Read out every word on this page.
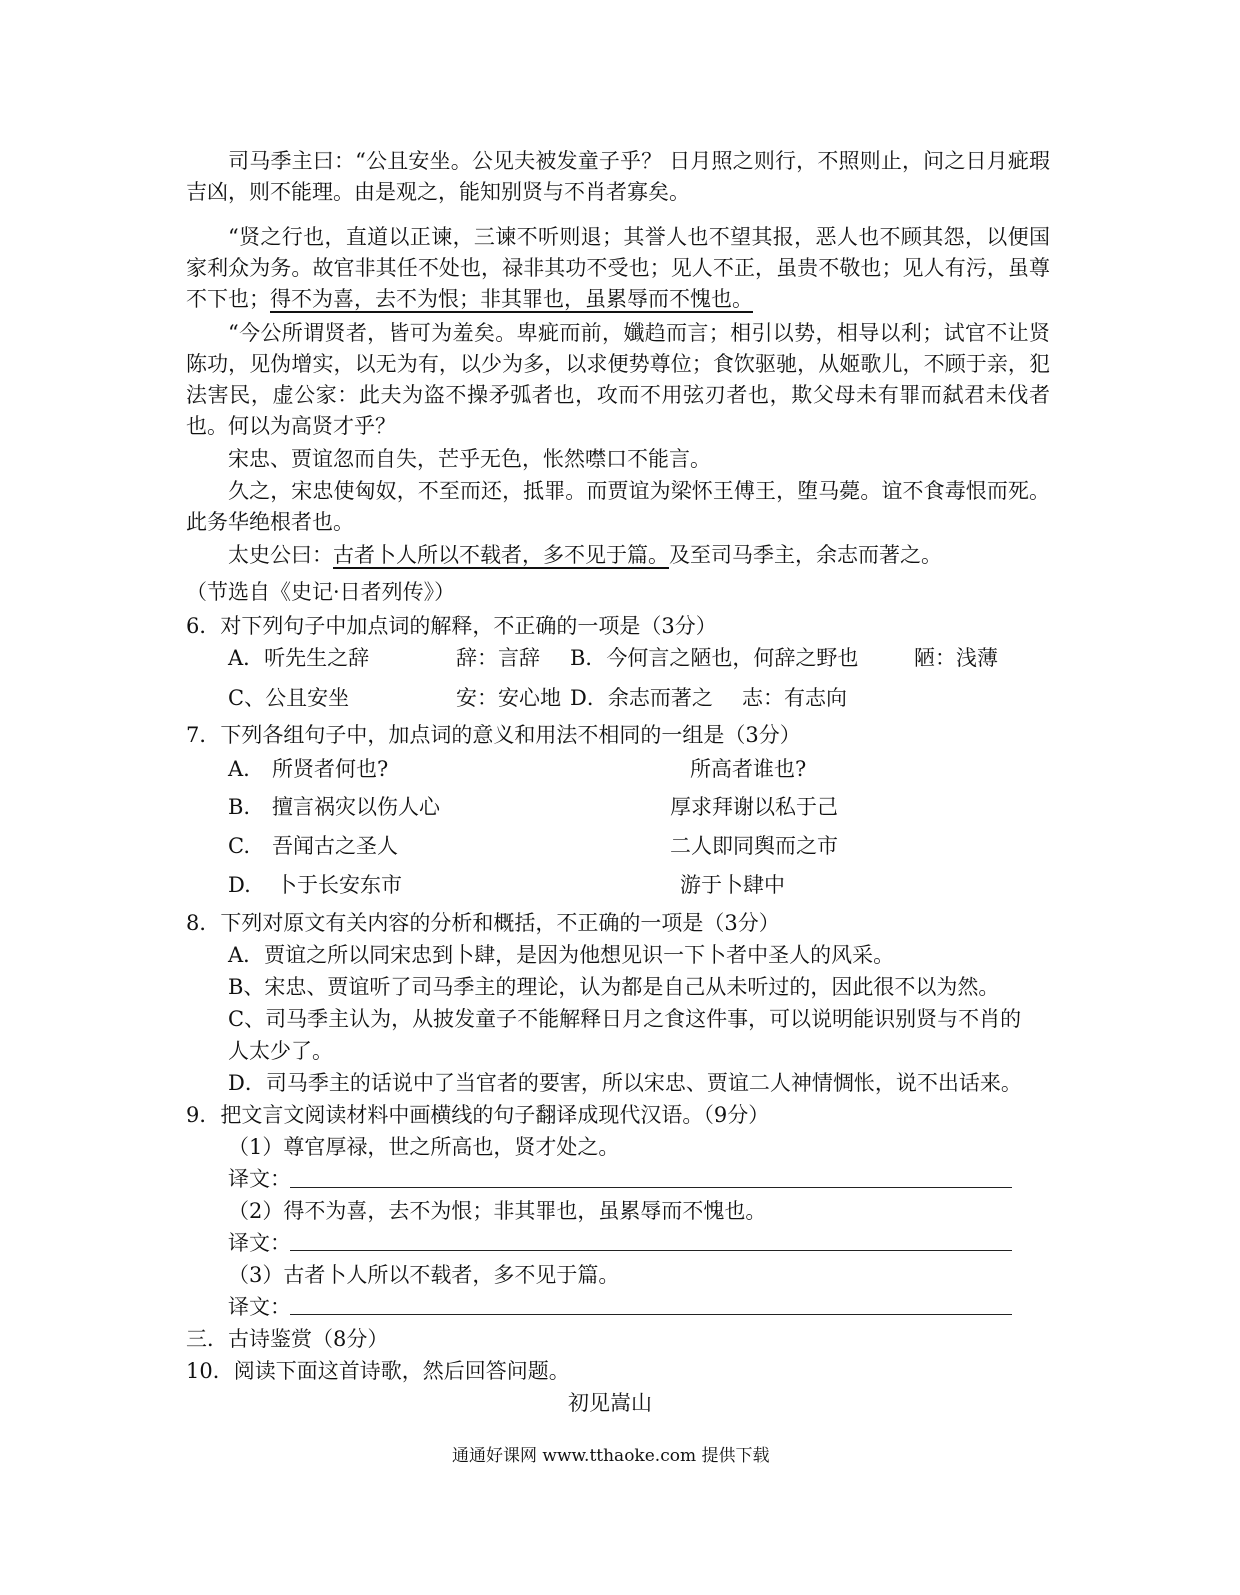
司马季主曰：“公且安坐。公见夫被发童子乎？ 日月照之则行，不照则止，问之日月疵瑕吉凶，则不能理。由是观之，能知别贤与不肖者寡矣。
“贤之行也，直道以正谏，三谏不听则退；其誉人也不望其报，恶人也不顾其怨，以便国家利众为务。故官非其任不处也，禄非其功不受也；见人不正，虽贵不敬也；见人有污，虽尊不下也；得不为喜，去不为恨；非其罪也，虽累辱而不愧也。
“今公所谓贤者，皆可为羞矣。卑疵而前，孅趋而言；相引以势，相导以利；试官不让贤陈功，见伪增实，以无为有，以少为多，以求便势尊位；食饮驱驰，从姬歌儿，不顾于亲，犯法害民，虚公家：此夫为盗不操矛弧者也，攻而不用弦刃者也，欺父母未有罪而弑君未伐者也。何以为高贤才乎？
宋忠、贾谊忽而自失，芒乎无色，怅然噤口不能言。
久之，宋忠使匈奴，不至而还，抵罪。而贾谊为梁怀王傅王，堕马薨。谊不食毒恨而死。此务华绝根者也。
太史公曰：古者卜人所以不载者，多不见于篇。及至司马季主，余志而著之。
（节选自《史记·日者列传》）
6．对下列句子中加点词的解释，不正确的一项是（3分）
A．听先生之辞	辞：言辞 B．今何言之陋也，何辞之野也	陋：浅薄
C、公且安坐	安：安心地 D．余志而著之 志：有志向
7．下列各组句子中，加点词的意义和用法不相同的一组是（3分）
A. 所贤者何也?	所高者谁也?
B. 擅言祸灾以伤人心	厚求拜谢以私于己
C. 吾闻古之圣人	二人即同舆而之市
D. 卜于长安东市	游于卜肆中
8．下列对原文有关内容的分析和概括，不正确的一项是（3分）
A．贾谊之所以同宋忠到卜肆，是因为他想见识一下卜者中圣人的风采。
B、宋忠、贾谊听了司马季主的理论，认为都是自己从未听过的，因此很不以为然。
C、司马季主认为，从披发童子不能解释日月之食这件事，可以说明能识别贤与不肖的
人太少了。
D．司马季主的话说中了当官者的要害，所以宋忠、贾谊二人神情惆怅，说不出话来。
9．把文言文阅读材料中画横线的句子翻译成现代汉语。（9分）
（1）尊官厚禄，世之所高也，贤才处之。
译文：
（2）得不为喜，去不为恨；非其罪也，虽累辱而不愧也。
译文：
（3）古者卜人所以不载者，多不见于篇。
译文：
三．古诗鉴赏（8分）
10．阅读下面这首诗歌，然后回答问题。
初见嵩山
通通好课网 www.tthaoke.com 提供下载
